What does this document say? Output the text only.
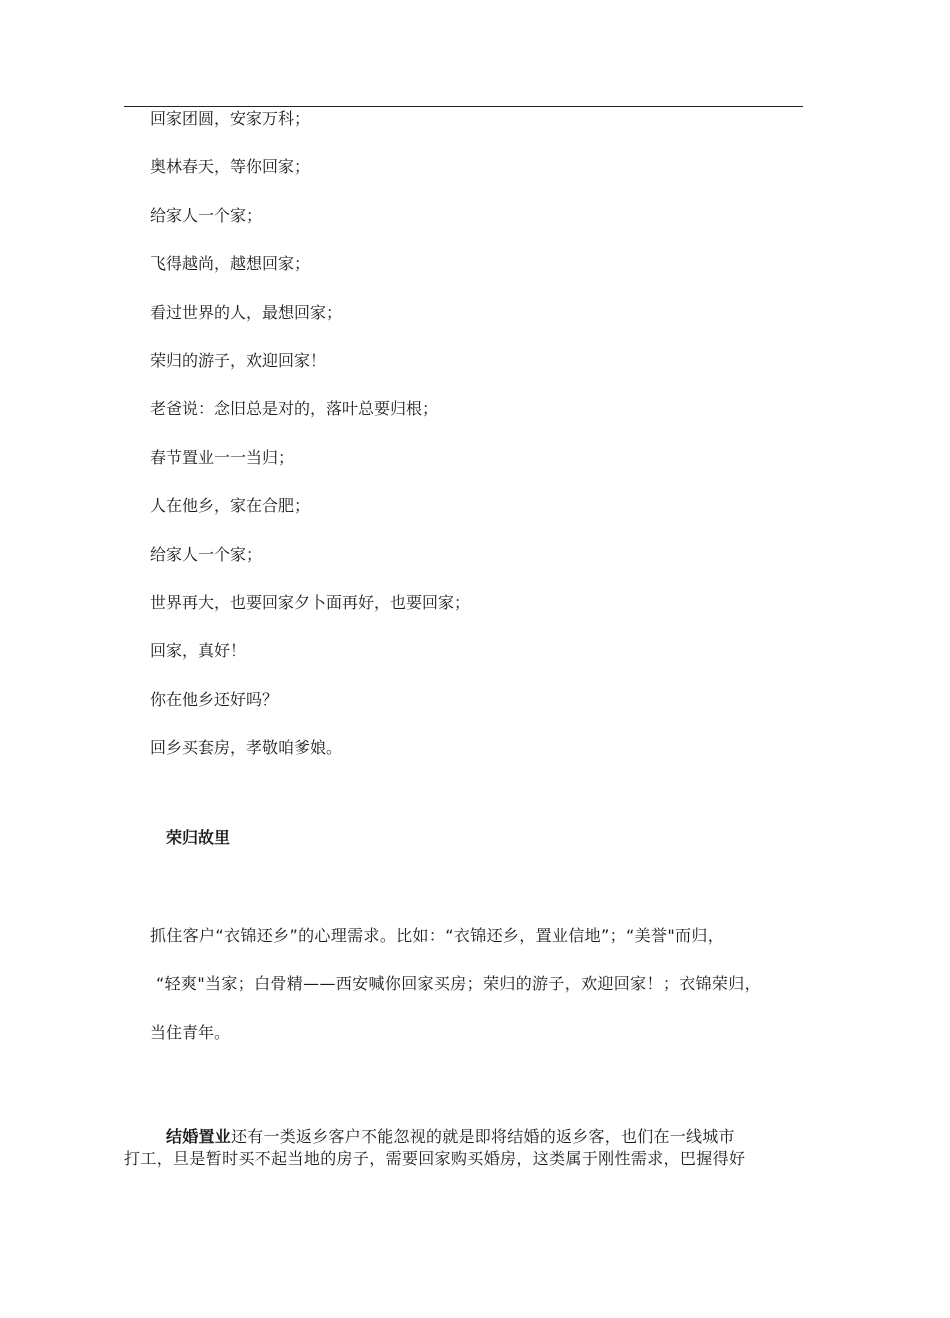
回家团圆，安家万科；
奥林春天，等你回家；
给家人一个家；
飞得越尚，越想回家；
看过世界的人，最想回家；
荣归的游子，欢迎回家！
老爸说：念旧总是对的，落叶总要归根；
春节置业一一当归；
人在他乡，家在合肥；
给家人一个家；
世界再大，也要回家夕卜面再好，也要回家；
回家，真好！
你在他乡还好吗？
回乡买套房，孝敬咱爹娘。
荣归故里
抓住客户“衣锦还乡”的心理需求。比如：“衣锦还乡，置业信地”；“美誉"而归，
“轻爽"当家；白骨精——西安喊你回家买房；荣归的游子，欢迎回家！；衣锦荣归，
当住青年。
结婚置业还有一类返乡客户不能忽视的就是即将结婚的返乡客，也们在一线城市
打工，旦是暂时买不起当地的房子，需要回家购买婚房，这类属于刚性需求，巴握得好
